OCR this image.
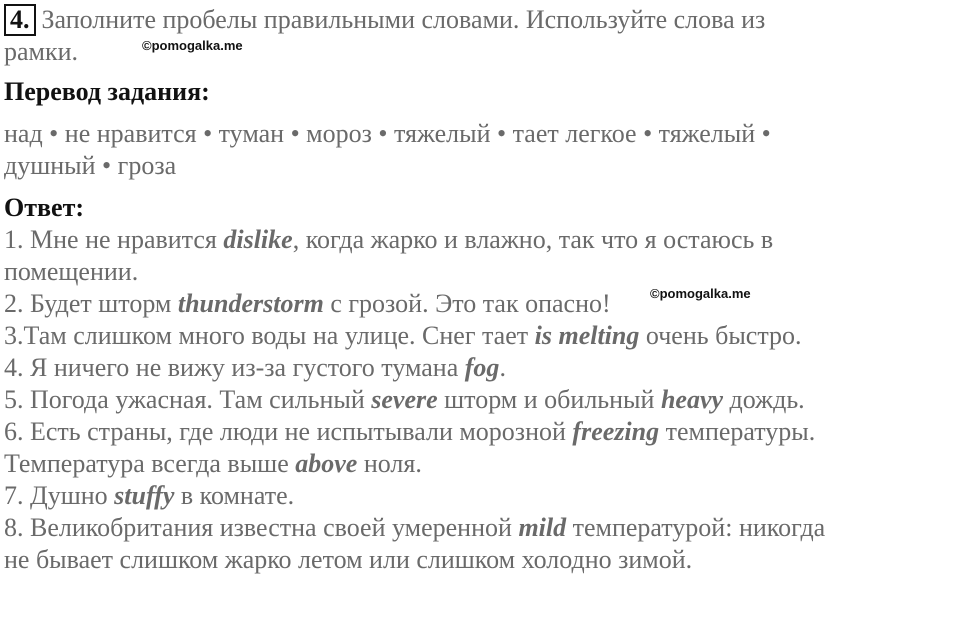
4. Заполните пробелы правильными словами. Используйте слова из
рамки.
Перевод задания:
над • не нравится • туман • мороз • тяжелый • тает легкое • тяжелый •
душный • гроза
Ответ:
1. Мне не нравится dislike, когда жарко и влажно, так что я остаюсь в
помещении.
2. Будет шторм thunderstorm с грозой. Это так опасно!
3.Там слишком много воды на улице. Снег тает is melting очень быстро.
4. Я ничего не вижу из-за густого тумана fog.
5. Погода ужасная. Там сильный severe шторм и обильный heavy дождь.
6. Есть страны, где люди не испытывали морозной freezing температуры.
Температура всегда выше above ноля.
7. Душно stuffy в комнате.
8. Великобритания известна своей умеренной mild температурой: никогда
не бывает слишком жарко летом или слишком холодно зимой.
©pomogalka.me
©pomogalka.me
